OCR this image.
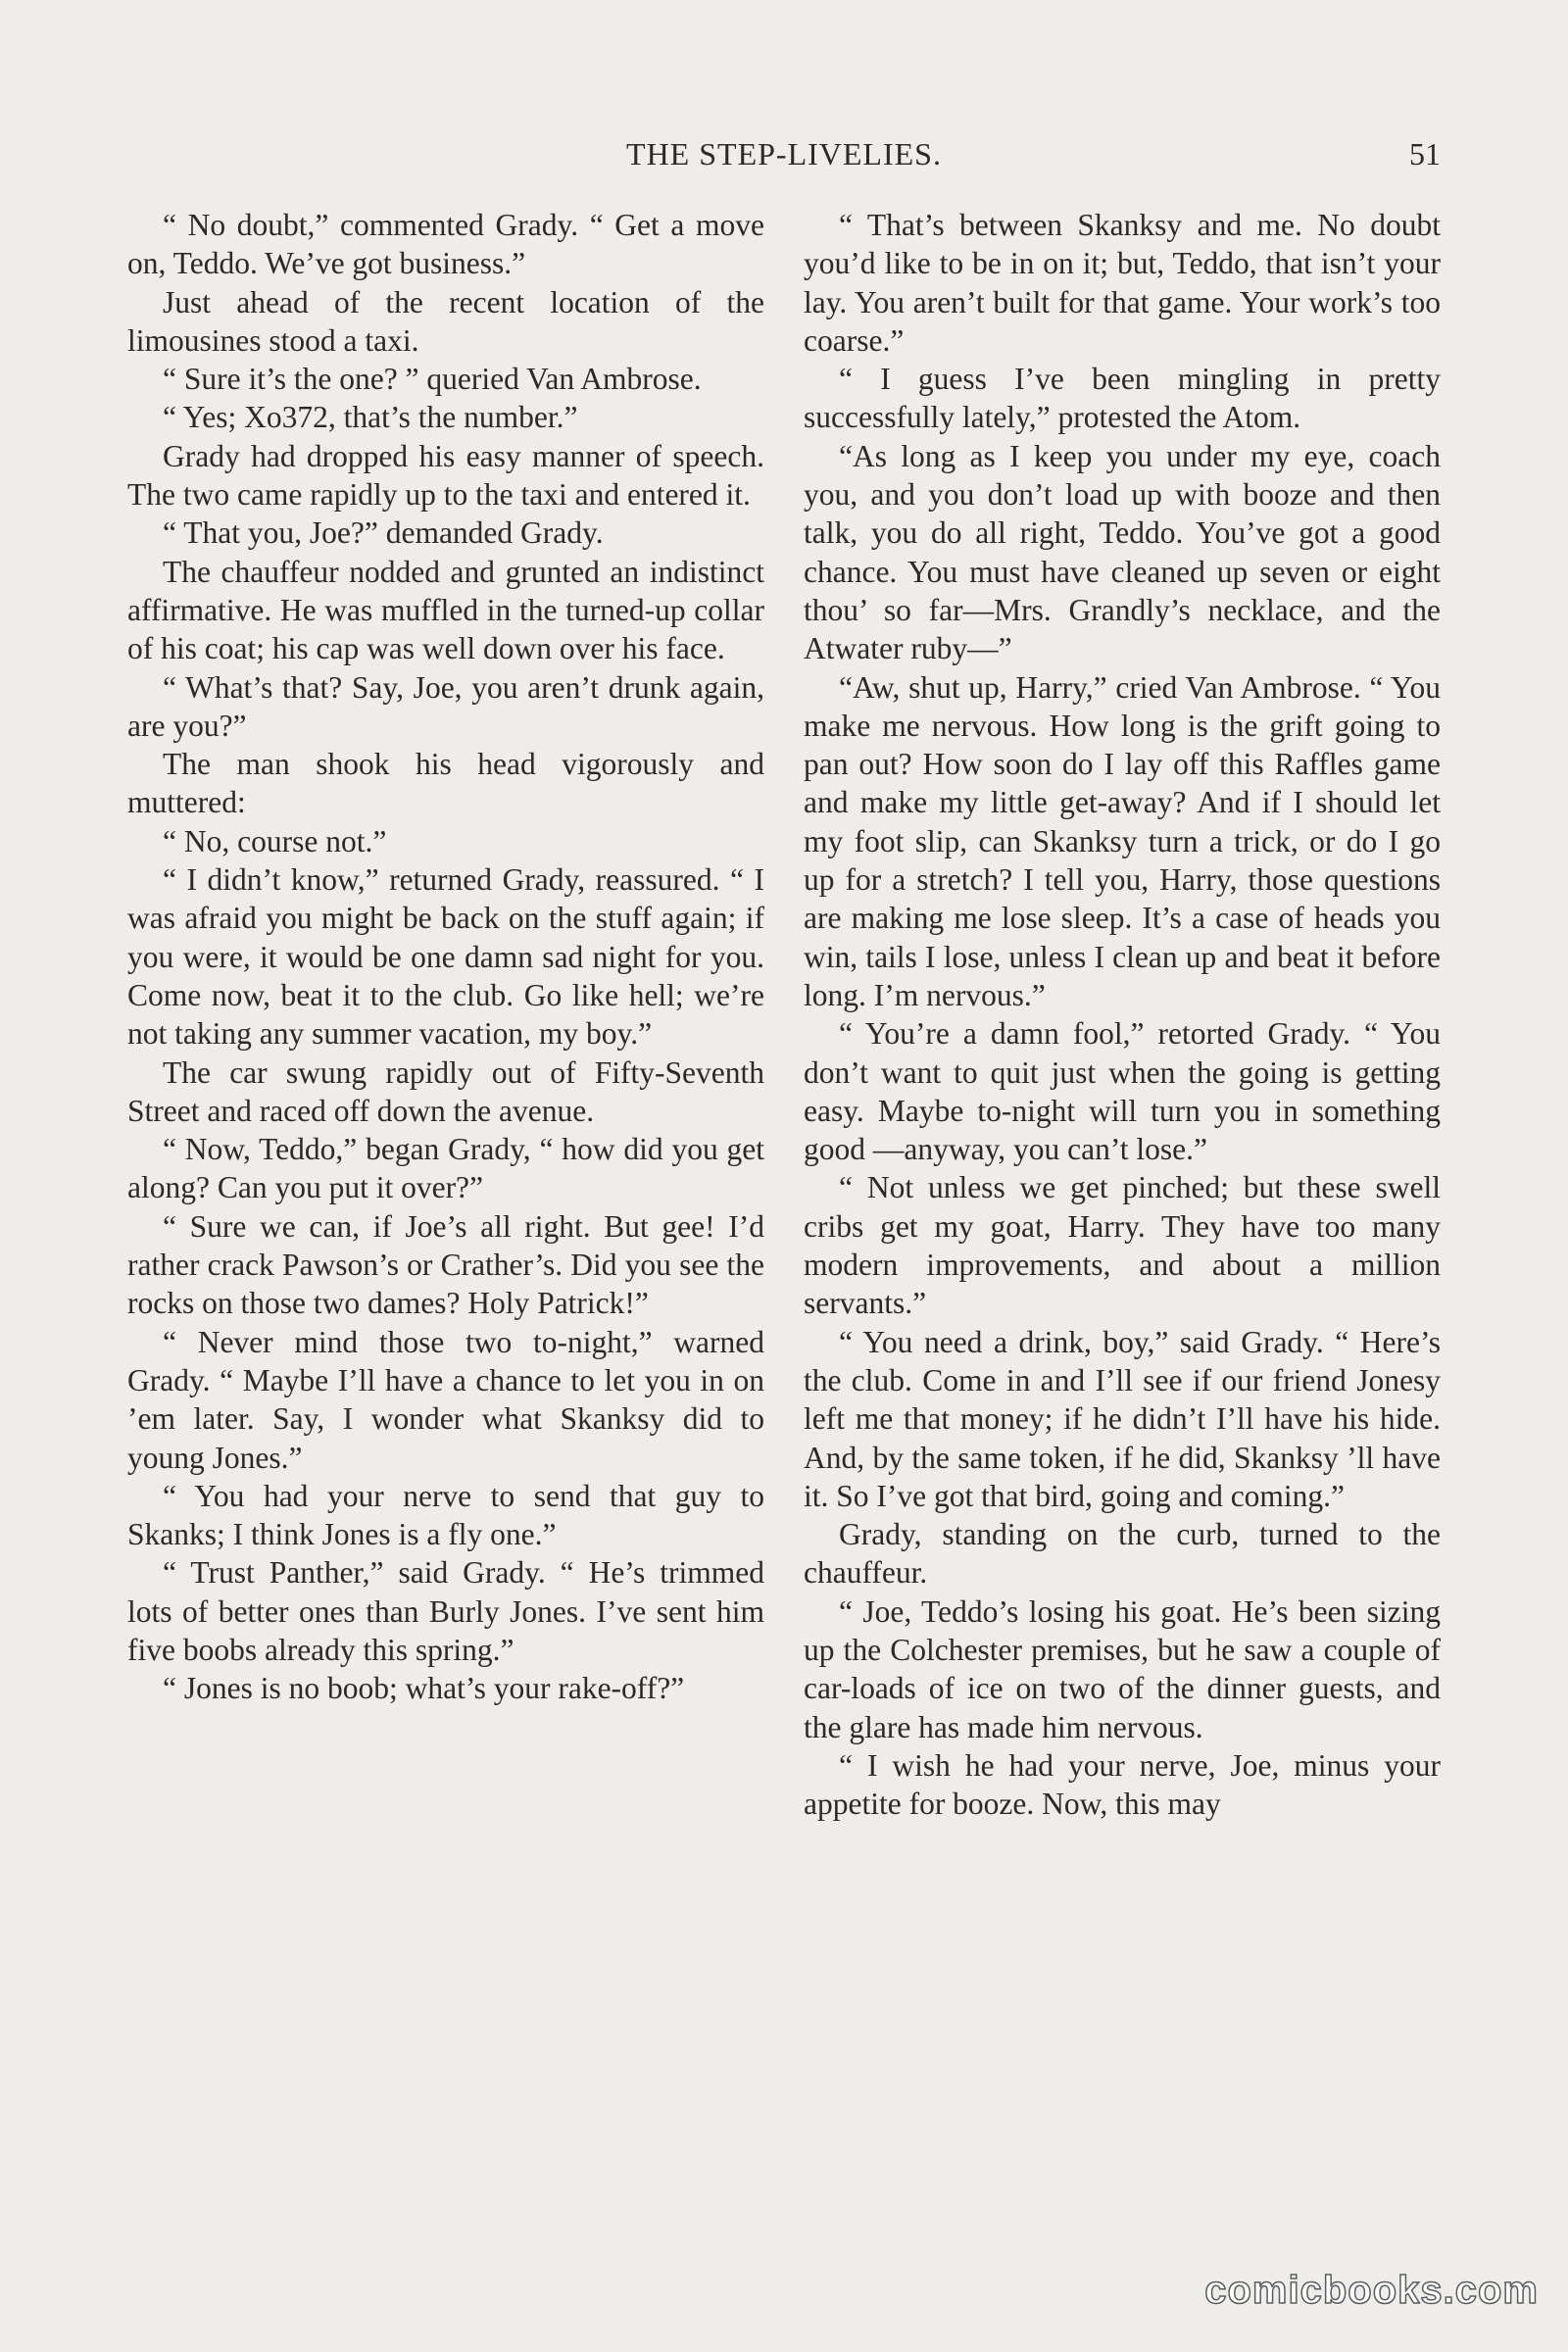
THE STEP-LIVELIES.	51

“ No doubt,” commented Grady. “ Get a move on, Teddo. We’ve got business.”

Just ahead of the recent location of the limousines stood a taxi.

“ Sure it’s the one? ” queried Van Ambrose.

“ Yes; Xo372, that’s the number.”

Grady had dropped his easy manner of speech. The two came rapidly up to the taxi and entered it.

“ That you, Joe?” demanded Grady.

The chauffeur nodded and grunted an indistinct affirmative. He was muffled in the turned-up collar of his coat; his cap was well down over his face.

“ What’s that? Say, Joe, you aren’t drunk again, are you?”

The man shook his head vigorously and muttered:

“ No, course not.”

“ I didn’t know,” returned Grady, reassured. “ I was afraid you might be back on the stuff again; if you were, it would be one damn sad night for you. Come now, beat it to the club. Go like hell; we’re not taking any summer vacation, my boy.”

The car swung rapidly out of Fifty-Seventh Street and raced off down the avenue.

“ Now, Teddo,” began Grady, “ how did you get along? Can you put it over?”

“ Sure we can, if Joe’s all right. But gee! I’d rather crack Pawson’s or Crather’s. Did you see the rocks on those two dames? Holy Patrick!”

“ Never mind those two to-night,” warned Grady. “ Maybe I’ll have a chance to let you in on ’em later. Say, I wonder what Skanksy did to young Jones.”

“ You had your nerve to send that guy to Skanks; I think Jones is a fly one.”

“ Trust Panther,” said Grady. “ He’s trimmed lots of better ones than Burly Jones. I’ve sent him five boobs already this spring.”

“ Jones is no boob; what’s your rake-off?”

“ That’s between Skanksy and me. No doubt you’d like to be in on it; but, Teddo, that isn’t your lay. You aren’t built for that game. Your work’s too coarse.”

“ I guess I’ve been mingling in pretty successfully lately,” protested the Atom.

“As long as I keep you under my eye, coach you, and you don’t load up with booze and then talk, you do all right, Teddo. You’ve got a good chance. You must have cleaned up seven or eight thou’ so far—Mrs. Grandly’s necklace, and the Atwater ruby—”

“Aw, shut up, Harry,” cried Van Ambrose. “ You make me nervous. How long is the grift going to pan out? How soon do I lay off this Raffles game and make my little get-away? And if I should let my foot slip, can Skanksy turn a trick, or do I go up for a stretch? I tell you, Harry, those questions are making me lose sleep. It’s a case of heads you win, tails I lose, unless I clean up and beat it before long. I’m nervous.”

“ You’re a damn fool,” retorted Grady. “ You don’t want to quit just when the going is getting easy. Maybe to-night will turn you in something good —anyway, you can’t lose.”

“ Not unless we get pinched; but these swell cribs get my goat, Harry. They have too many modern improvements, and about a million servants.”

“ You need a drink, boy,” said Grady. “ Here’s the club. Come in and I’ll see if our friend Jonesy left me that money; if he didn’t I’ll have his hide. And, by the same token, if he did, Skanksy ’ll have it. So I’ve got that bird, going and coming.”

Grady, standing on the curb, turned to the chauffeur.

“ Joe, Teddo’s losing his goat. He’s been sizing up the Colchester premises, but he saw a couple of car-loads of ice on two of the dinner guests, and the glare has made him nervous.

“ I wish he had your nerve, Joe, minus your appetite for booze. Now, this may

comicbooks.com
